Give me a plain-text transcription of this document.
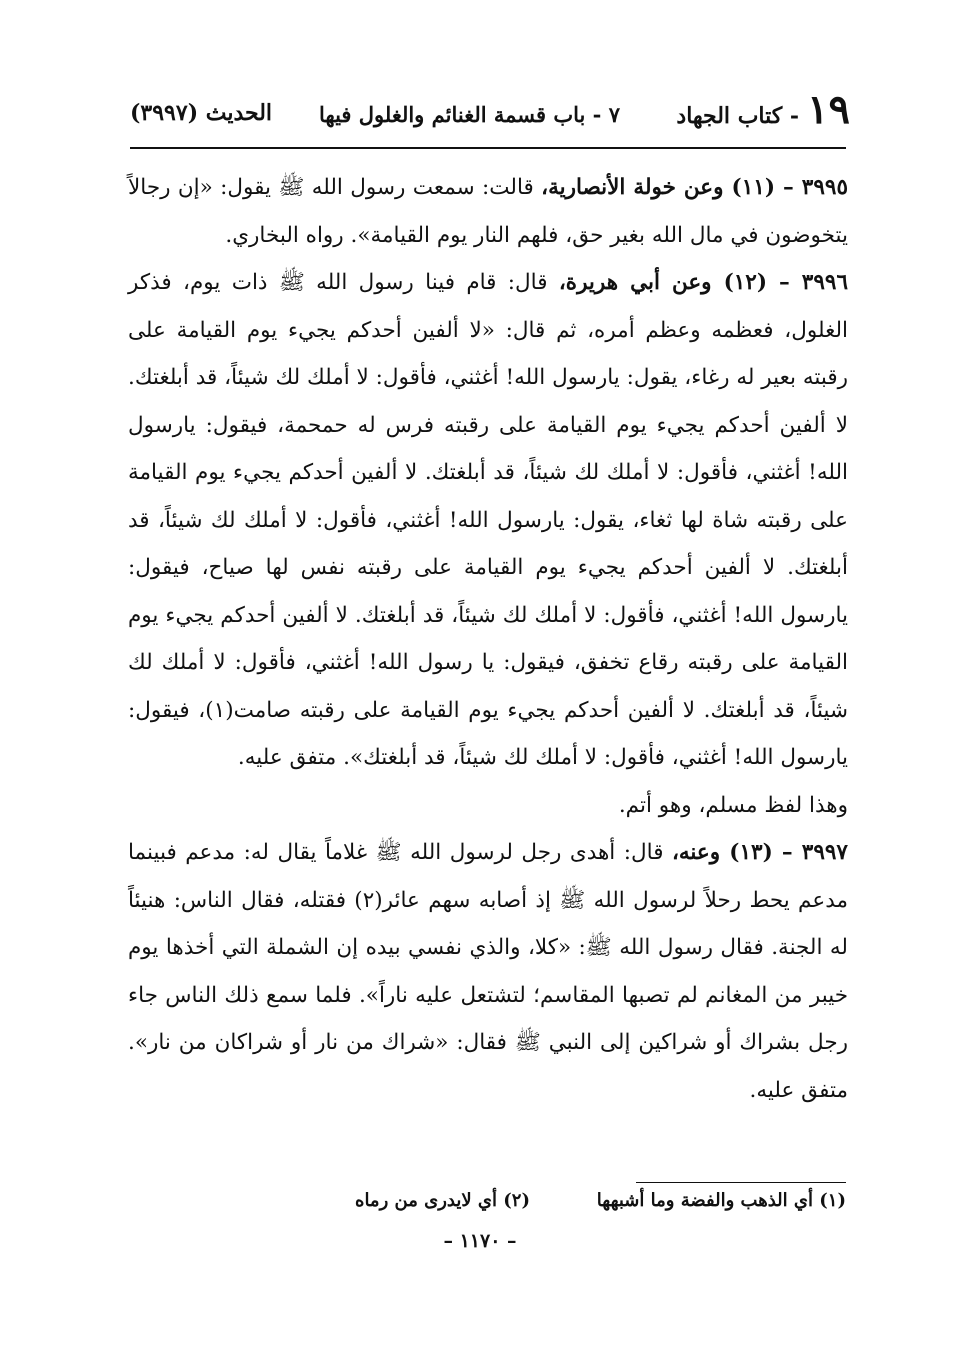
١٩
- كتاب الجهاد
٧ - باب قسمة الغنائم والغلول فيها
الحديث (٣٩٩٧)

٣٩٩٥ – (١١) وعن خولة الأنصارية، قالت: سمعت رسول الله ﷺ يقول: «إن رجالاً يتخوضون في مال الله بغير حق، فلهم النار يوم القيامة». رواه البخاري.

٣٩٩٦ – (١٢) وعن أبي هريرة، قال: قام فينا رسول الله ﷺ ذات يوم، فذكر الغلول، فعظمه وعظم أمره، ثم قال: «لا ألفين أحدكم يجيء يوم القيامة على رقبته بعير له رغاء، يقول: يارسول الله! أغثني، فأقول: لا أملك لك شيئاً، قد أبلغتك. لا ألفين أحدكم يجيء يوم القيامة على رقبته فرس له حمحمة، فيقول: يارسول الله! أغثني، فأقول: لا أملك لك شيئاً، قد أبلغتك. لا ألفين أحدكم يجيء يوم القيامة على رقبته شاة لها ثغاء، يقول: يارسول الله! أغثني، فأقول: لا أملك لك شيئاً، قد أبلغتك. لا ألفين أحدكم يجيء يوم القيامة على رقبته نفس لها صياح، فيقول: يارسول الله! أغثني، فأقول: لا أملك لك شيئاً، قد أبلغتك. لا ألفين أحدكم يجيء يوم القيامة على رقبته رقاع تخفق، فيقول: يا رسول الله! أغثني، فأقول: لا أملك لك شيئاً، قد أبلغتك. لا ألفين أحدكم يجيء يوم القيامة على رقبته صامت(١)، فيقول: يارسول الله! أغثني، فأقول: لا أملك لك شيئاً، قد أبلغتك». متفق عليه.

وهذا لفظ مسلم، وهو أتم.

٣٩٩٧ – (١٣) وعنه، قال: أهدى رجل لرسول الله ﷺ غلاماً يقال له: مدعم فبينما مدعم يحط رحلاً لرسول الله ﷺ إذ أصابه سهم عائر(٢) فقتله، فقال الناس: هنيئاً له الجنة. فقال رسول الله ﷺ: «كلا، والذي نفسي بيده إن الشملة التي أخذها يوم خيبر من المغانم لم تصبها المقاسم؛ لتشتعل عليه ناراً». فلما سمع ذلك الناس جاء رجل بشراك أو شراكين إلى النبي ﷺ فقال: «شراك من نار أو شراكان من نار». متفق عليه.

(١) أي الذهب والفضة وما أشبهها
(٢) أي لايدرى من رماه
– ١١٧٠ –
